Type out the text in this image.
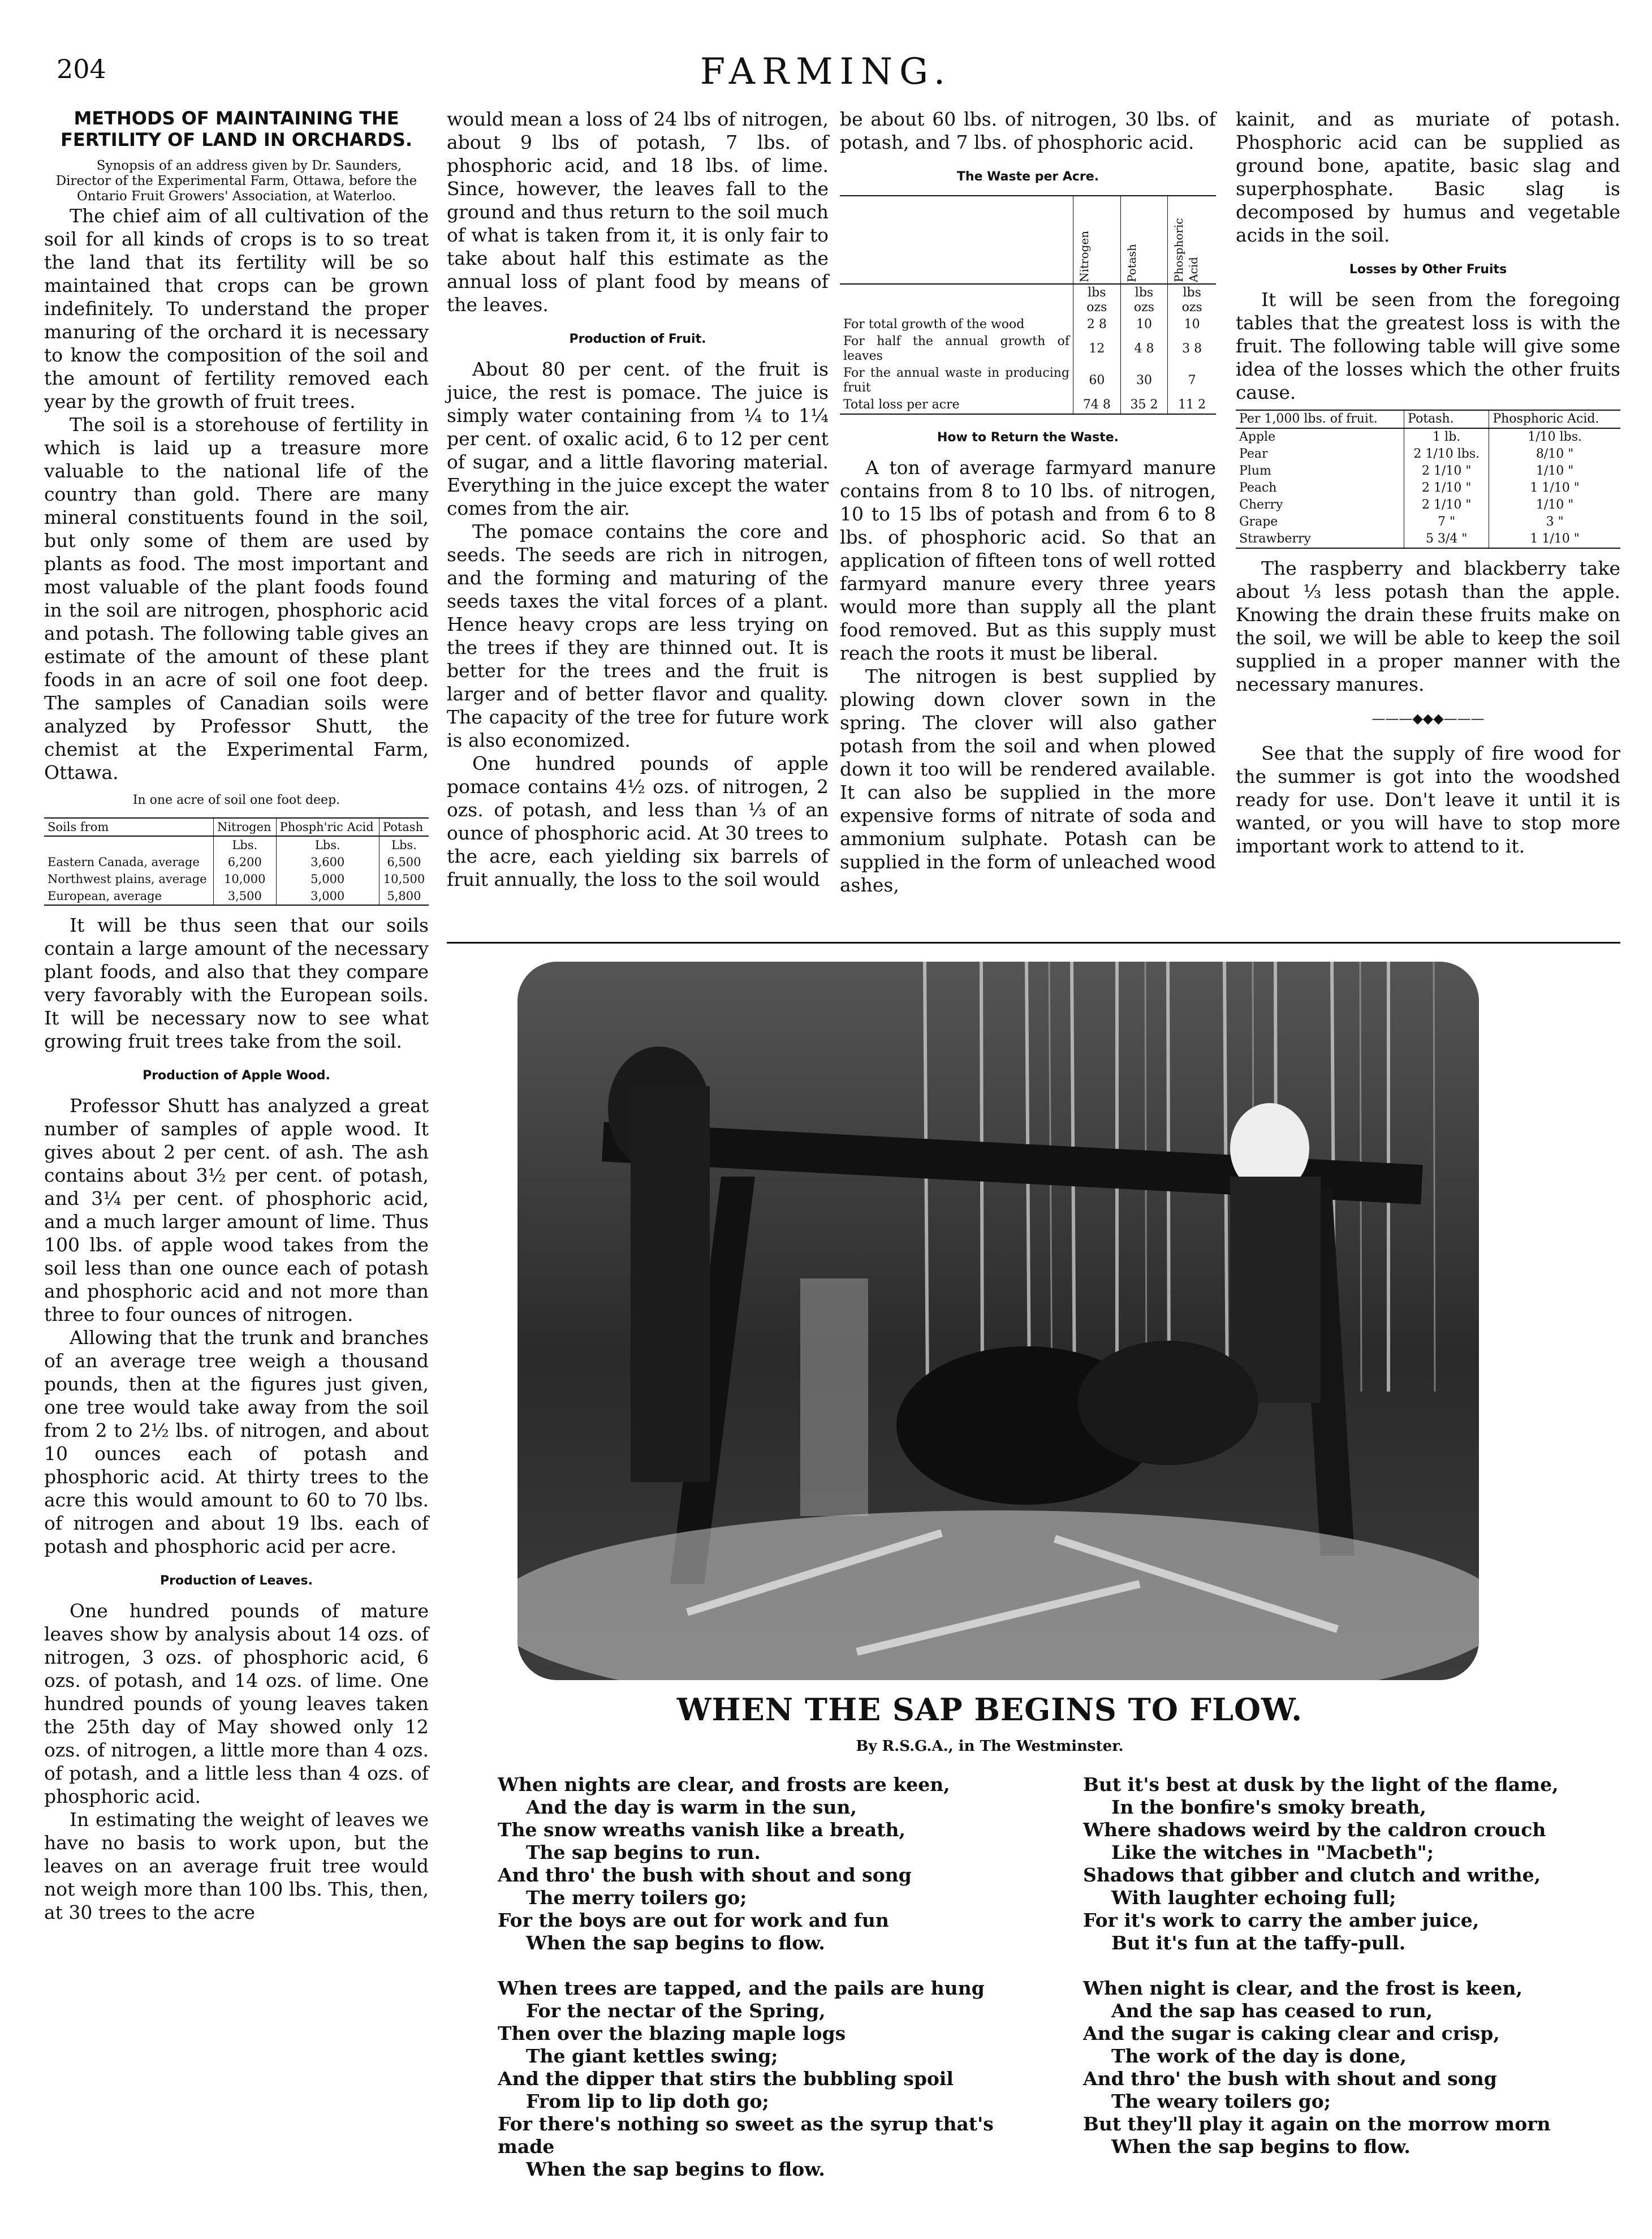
204	FARMING.
METHODS OF MAINTAINING THE FERTILITY OF LAND IN ORCHARDS.

Synopsis of an address given by Dr. Saunders, Director of the Experimental Farm, Ottawa, before the Ontario Fruit Growers' Association, at Waterloo.

The chief aim of all cultivation of the soil for all kinds of crops is to so treat the land that its fertility will be so maintained that crops can be grown indefinitely. To understand the proper manuring of the orchard it is necessary to know the composition of the soil and the amount of fertility removed each year by the growth of fruit trees.

The soil is a storehouse of fertility in which is laid up a treasure more valuable to the national life of the country than gold. There are many mineral constituents found in the soil, but only some of them are used by plants as food. The most important and most valuable of the plant foods found in the soil are nitrogen, phosphoric acid and potash. The following table gives an estimate of the amount of these plant foods in an acre of soil one foot deep. The samples of Canadian soils were analyzed by Professor Shutt, the chemist at the Experimental Farm, Ottawa.

In one acre of soil one foot deep.
Soils from	Nitrogen	Phosph'ric Acid	Potash
	Lbs.	Lbs.	Lbs.
Eastern Canada, average	6,200	3,600	6,500
Northwest plains, average	10,000	5,000	10,500
European, average	3,500	3,000	5,800

It will be thus seen that our soils contain a large amount of the necessary plant foods, and also that they compare very favorably with the European soils. It will be necessary now to see what growing fruit trees take from the soil.

Production of Apple Wood.

Professor Shutt has analyzed a great number of samples of apple wood. It gives about 2 per cent. of ash. The ash contains about 3½ per cent. of potash, and 3¼ per cent. of phosphoric acid, and a much larger amount of lime. Thus 100 lbs. of apple wood takes from the soil less than one ounce each of potash and phosphoric acid and not more than three to four ounces of nitrogen.

Allowing that the trunk and branches of an average tree weigh a thousand pounds, then at the figures just given, one tree would take away from the soil from 2 to 2½ lbs. of nitrogen, and about 10 ounces each of potash and phosphoric acid. At thirty trees to the acre this would amount to 60 to 70 lbs. of nitrogen and about 19 lbs. each of potash and phosphoric acid per acre.

Production of Leaves.

One hundred pounds of mature leaves show by analysis about 14 ozs. of nitrogen, 3 ozs. of phosphoric acid, 6 ozs. of potash, and 14 ozs. of lime. One hundred pounds of young leaves taken the 25th day of May showed only 12 ozs. of nitrogen, a little more than 4 ozs. of potash, and a little less than 4 ozs. of phosphoric acid.

In estimating the weight of leaves we have no basis to work upon, but the leaves on an average fruit tree would not weigh more than 100 lbs. This, then, at 30 trees to the acre

would mean a loss of 24 lbs of nitrogen, about 9 lbs of potash, 7 lbs. of phosphoric acid, and 18 lbs. of lime. Since, however, the leaves fall to the ground and thus return to the soil much of what is taken from it, it is only fair to take about half this estimate as the annual loss of plant food by means of the leaves.

Production of Fruit.

About 80 per cent. of the fruit is juice, the rest is pomace. The juice is simply water containing from ¼ to 1¼ per cent. of oxalic acid, 6 to 12 per cent of sugar, and a little flavoring material. Everything in the juice except the water comes from the air.

The pomace contains the core and seeds. The seeds are rich in nitrogen, and the forming and maturing of the seeds taxes the vital forces of a plant. Hence heavy crops are less trying on the trees if they are thinned out. It is better for the trees and the fruit is larger and of better flavor and quality. The capacity of the tree for future work is also economized.

One hundred pounds of apple pomace contains 4½ ozs. of nitrogen, 2 ozs. of potash, and less than ⅓ of an ounce of phosphoric acid. At 30 trees to the acre, each yielding six barrels of fruit annually, the loss to the soil would

be about 60 lbs. of nitrogen, 30 lbs. of potash, and 7 lbs. of phosphoric acid.

The Waste per Acre.

	Nitrogen	Potash	Phosphoric Acid

	lbs ozs	lbs ozs	lbs ozs
For total growth of the wood	2 8	10	10
For half the annual growth of leaves	12	4 8	3 8
For the annual waste in producing fruit	60	30	7
Total loss per acre	74 8	35 2	11 2
How to Return the Waste.

A ton of average farmyard manure contains from 8 to 10 lbs. of nitrogen, 10 to 15 lbs of potash and from 6 to 8 lbs. of phosphoric acid. So that an application of fifteen tons of well rotted farmyard manure every three years would more than supply all the plant food removed. But as this supply must reach the roots it must be liberal.

The nitrogen is best supplied by plowing down clover sown in the spring. The clover will also gather potash from the soil and when plowed down it too will be rendered available. It can also be supplied in the more expensive forms of nitrate of soda and ammonium sulphate. Potash can be supplied in the form of unleached wood ashes,

kainit, and as muriate of potash. Phosphoric acid can be supplied as ground bone, apatite, basic slag and superphosphate. Basic slag is decomposed by humus and vegetable acids in the soil.

Losses by Other Fruits

It will be seen from the foregoing tables that the greatest loss is with the fruit. The following table will give some idea of the losses which the other fruits cause.

Per 1,000 lbs. of fruit.	Potash.	Phosphoric Acid.
Apple	1 lb.	1/10 lbs.
Pear	2 1/10 lbs.	8/10 "
Plum	2 1/10 "	1/10 "
Peach	2 1/10 "	1 1/10 "
Cherry	2 1/10 "	1/10 "
Grape	7 "	3 "
Strawberry	5 3/4 "	1 1/10 "

The raspberry and blackberry take about ⅓ less potash than the apple. Knowing the drain these fruits make on the soil, we will be able to keep the soil supplied in a proper manner with the necessary manures.

———◆◆◆———

See that the supply of fire wood for the summer is got into the woodshed ready for use. Don't leave it until it is wanted, or you will have to stop more important work to attend to it.

WHEN THE SAP BEGINS TO FLOW.
By R.S.G.A., in The Westminster.
When nights are clear, and frosts are keen,
And the day is warm in the sun,
The snow wreaths vanish like a breath,
The sap begins to run.
And thro' the bush with shout and song
The merry toilers go;
For the boys are out for work and fun
When the sap begins to flow.

When trees are tapped, and the pails are hung
For the nectar of the Spring,
Then over the blazing maple logs
The giant kettles swing;
And the dipper that stirs the bubbling spoil
From lip to lip doth go;
For there's nothing so sweet as the syrup that's made
When the sap begins to flow.
But it's best at dusk by the light of the flame,
In the bonfire's smoky breath,
Where shadows weird by the caldron crouch
Like the witches in "Macbeth";
Shadows that gibber and clutch and writhe,
With laughter echoing full;
For it's work to carry the amber juice,
But it's fun at the taffy-pull.

When night is clear, and the frost is keen,
And the sap has ceased to run,
And the sugar is caking clear and crisp,
The work of the day is done,
And thro' the bush with shout and song
The weary toilers go;
But they'll play it again on the morrow morn
When the sap begins to flow.
